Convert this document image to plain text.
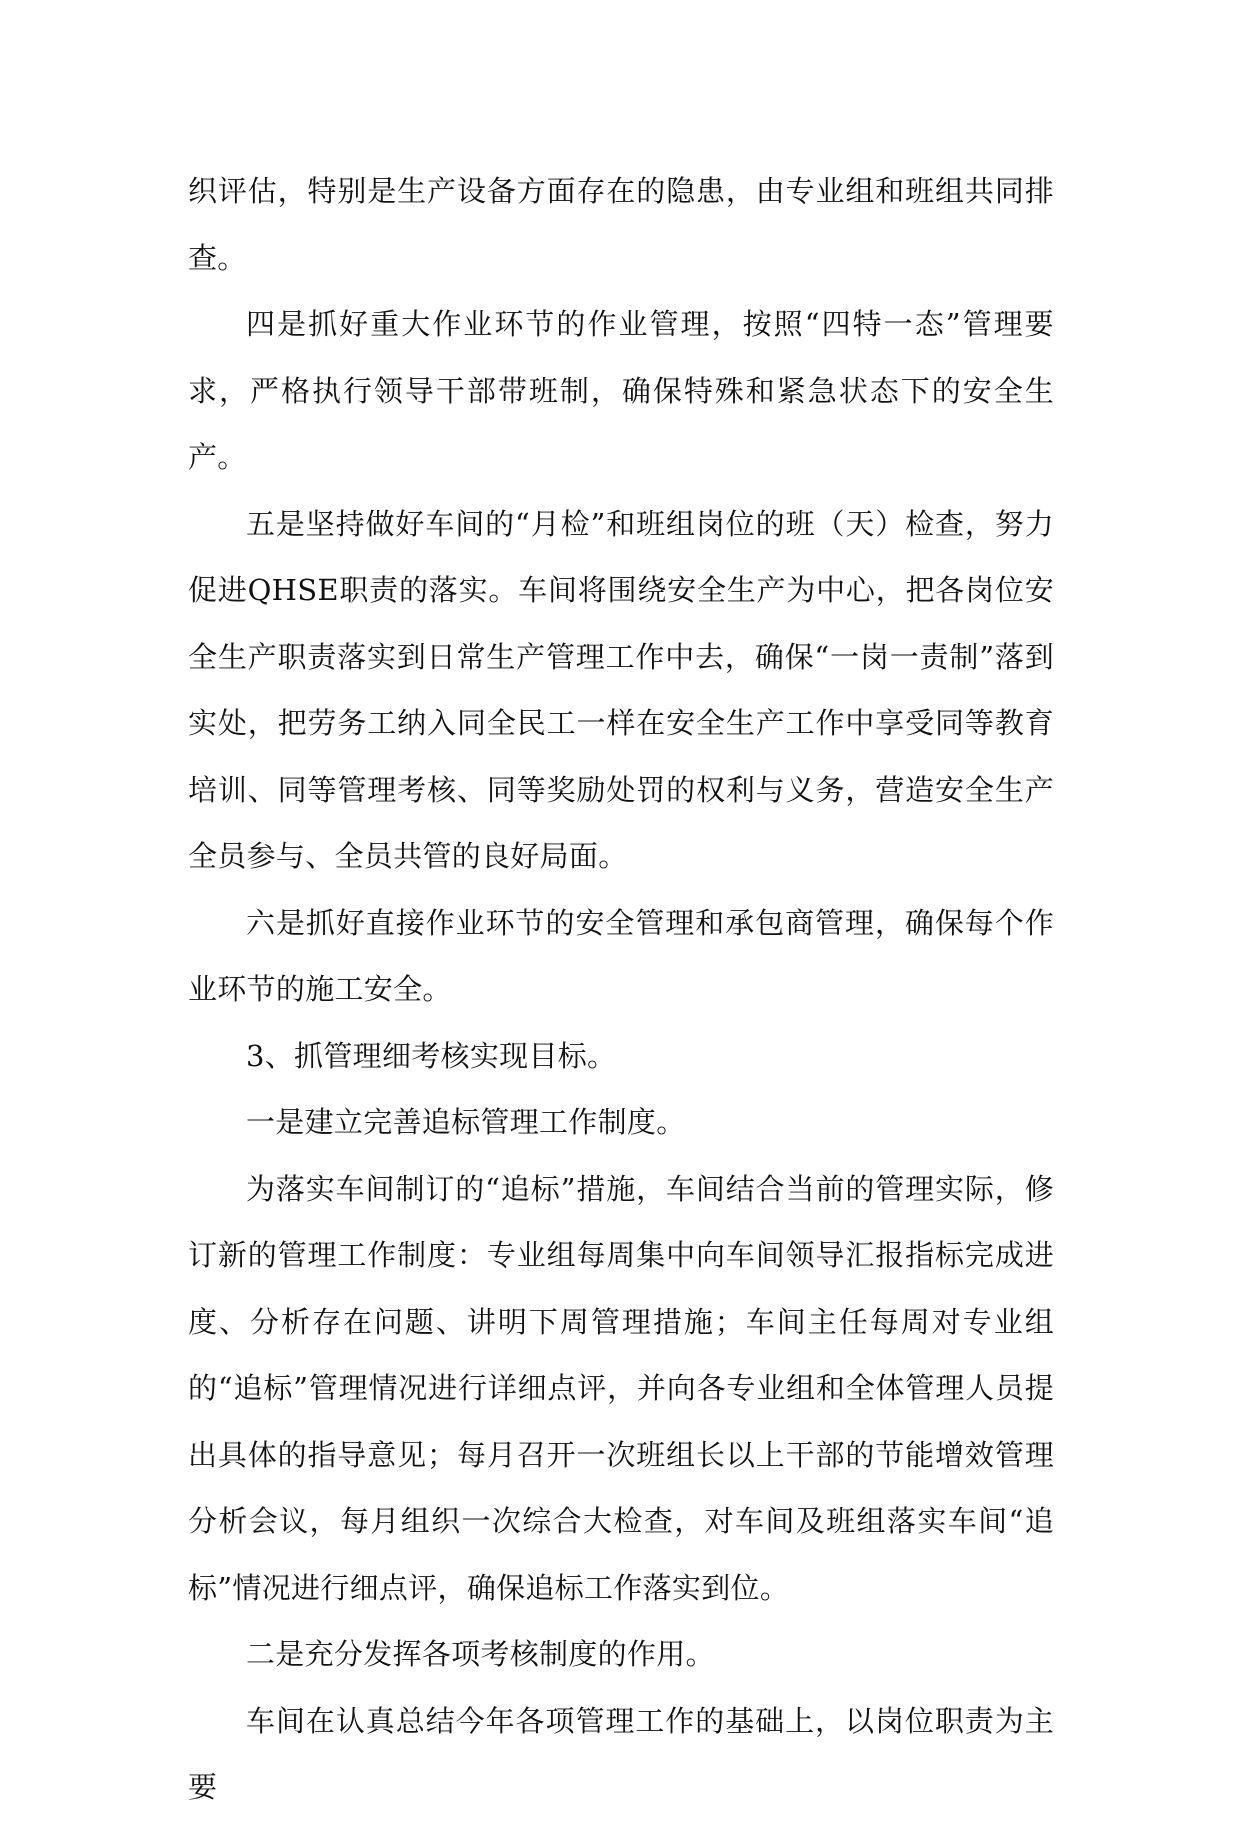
织评估，特别是生产设备方面存在的隐患，由专业组和班组共同排查。

四是抓好重大作业环节的作业管理，按照“四特一态”管理要求，严格执行领导干部带班制，确保特殊和紧急状态下的安全生产。

五是坚持做好车间的“月检”和班组岗位的班（天）检查，努力促进QHSE职责的落实。车间将围绕安全生产为中心，把各岗位安全生产职责落实到日常生产管理工作中去，确保“一岗一责制”落到实处，把劳务工纳入同全民工一样在安全生产工作中享受同等教育培训、同等管理考核、同等奖励处罚的权利与义务，营造安全生产全员参与、全员共管的良好局面。

六是抓好直接作业环节的安全管理和承包商管理，确保每个作业环节的施工安全。

3、抓管理细考核实现目标。

一是建立完善追标管理工作制度。

为落实车间制订的“追标”措施，车间结合当前的管理实际，修订新的管理工作制度：专业组每周集中向车间领导汇报指标完成进度、分析存在问题、讲明下周管理措施；车间主任每周对专业组的“追标”管理情况进行详细点评，并向各专业组和全体管理人员提出具体的指导意见；每月召开一次班组长以上干部的节能增效管理分析会议，每月组织一次综合大检查，对车间及班组落实车间“追标”情况进行细点评，确保追标工作落实到位。

二是充分发挥各项考核制度的作用。

车间在认真总结今年各项管理工作的基础上，以岗位职责为主要
